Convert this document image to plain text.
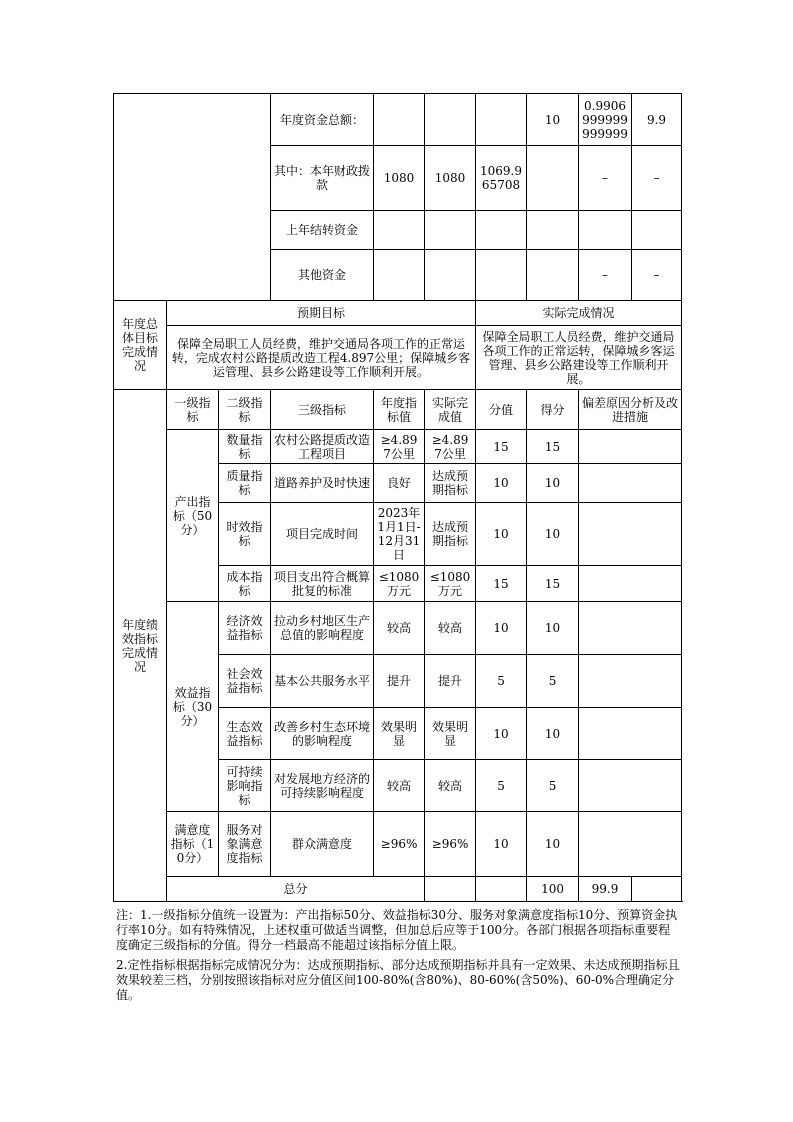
			年度资金总额：				10	0.9906999999999999	9.9
			其中：本年财政拨款	1080	1080	1069.965708		–	–
			上年结转资金						
			其他资金					–	–
年度总体目标完成情况	预期目标					实际完成情况			
	保障全局职工人员经费，维护交通局各项工作的正常运转，完成农村公路提质改造工程4.897公里；保障城乡客运管理、县乡公路建设等工作顺利开展。					保障全局职工人员经费，维护交通局各项工作的正常运转，保障城乡客运管理、县乡公路建设等工作顺利开展。			
年度绩效指标完成情况	一级指标	二级指标	三级指标	年度指标值	实际完成值	分值	得分	偏差原因分析及改进措施	
	产出指标（50分）	数量指标	农村公路提质改造工程项目	≥4.897公里	≥4.897公里	15	15		
		质量指标	道路养护及时快速	良好	达成预期指标	10	10		
		时效指标	项目完成时间	2023年1月1日-12月31日	达成预期指标	10	10		
		成本指标	项目支出符合概算批复的标准	≤1080万元	≤1080万元	15	15		
	效益指标（30分）	经济效益指标	拉动乡村地区生产总值的影响程度	较高	较高	10	10		
		社会效益指标	基本公共服务水平	提升	提升	5	5		
		生态效益指标	改善乡村生态环境的影响程度	效果明显	效果明显	10	10		
		可持续影响指标	对发展地方经济的可持续影响程度	较高	较高	5	5		
	满意度指标（10分）	服务对象满意度指标	群众满意度	≥96%	≥96%	10	10		
	总分						100	99.9	
注：1.一级指标分值统一设置为：产出指标50分、效益指标30分、服务对象满意度指标10分、预算资金执行率10分。如有特殊情况，上述权重可做适当调整，但加总后应等于100分。各部门根据各项指标重要程度确定三级指标的分值。得分一档最高不能超过该指标分值上限。
2.定性指标根据指标完成情况分为：达成预期指标、部分达成预期指标并具有一定效果、未达成预期指标且效果较差三档，分别按照该指标对应分值区间100-80%(含80%)、80-60%(含50%)、60-0%合理确定分值。
